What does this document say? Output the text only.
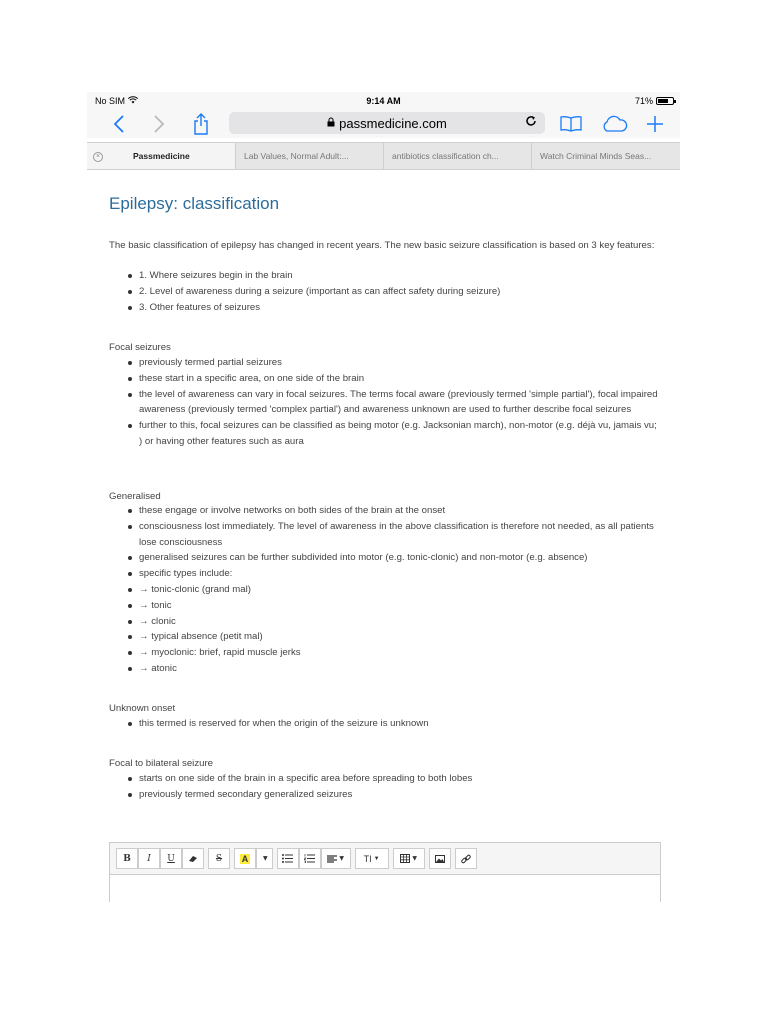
No SIM	9:14 AM	71%
passmedicine.com
×	Passmedicine	Lab Values, Normal Adult:...	antibiotics classification ch...	Watch Criminal Minds Seas...
Epilepsy: classification
The basic classification of epilepsy has changed in recent years. The new basic seizure classification is based on 3 key features:
1. Where seizures begin in the brain
2. Level of awareness during a seizure (important as can affect safety during seizure)
3. Other features of seizures
Focal seizures
previously termed partial seizures
these start in a specific area, on one side of the brain
the level of awareness can vary in focal seizures. The terms focal aware (previously termed 'simple partial'), focal impaired awareness (previously termed 'complex partial') and awareness unknown are used to further describe focal seizures
further to this, focal seizures can be classified as being motor (e.g. Jacksonian march), non-motor (e.g. déjà vu, jamais vu; ) or having other features such as aura
Generalised
these engage or involve networks on both sides of the brain at the onset
consciousness lost immediately. The level of awareness in the above classification is therefore not needed, as all patients lose consciousness
generalised seizures can be further subdivided into motor (e.g. tonic-clonic) and non-motor (e.g. absence)
specific types include:
→ tonic-clonic (grand mal)
→ tonic
→ clonic
→ typical absence (petit mal)
→ myoclonic: brief, rapid muscle jerks
→ atonic
Unknown onset
this termed is reserved for when the origin of the seizure is unknown
Focal to bilateral seizure
starts on one side of the brain in a specific area before spreading to both lobes
previously termed secondary generalized seizures
B	I	U	S	A	▼	▼ TI ▼	▼
